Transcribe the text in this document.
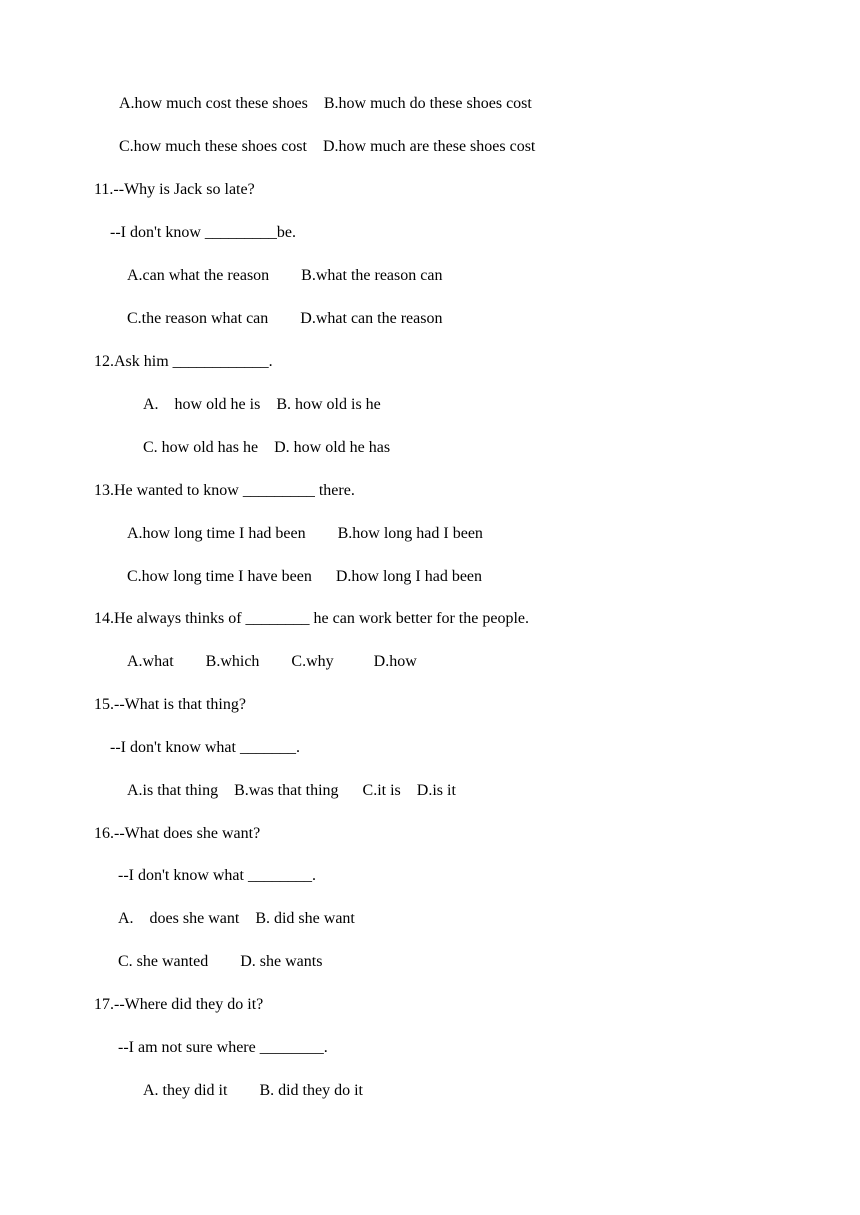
A.how much cost these shoes    B.how much do these shoes cost
C.how much these shoes cost    D.how much are these shoes cost
11.--Why is Jack so late?
--I don't know _________be.
A.can what the reason        B.what the reason can
C.the reason what can        D.what can the reason
12.Ask him ____________.
A.    how old he is    B. how old is he
C. how old has he    D. how old he has
13.He wanted to know _________ there.
A.how long time I had been        B.how long had I been
C.how long time I have been      D.how long I had been
14.He always thinks of ________ he can work better for the people.
A.what        B.which        C.why          D.how
15.--What is that thing?
--I don't know what _______.
A.is that thing    B.was that thing      C.it is    D.is it
16.--What does she want?
--I don't know what ________.
A.    does she want    B. did she want
C. she wanted        D. she wants
17.--Where did they do it?
--I am not sure where ________.
A. they did it        B. did they do it
